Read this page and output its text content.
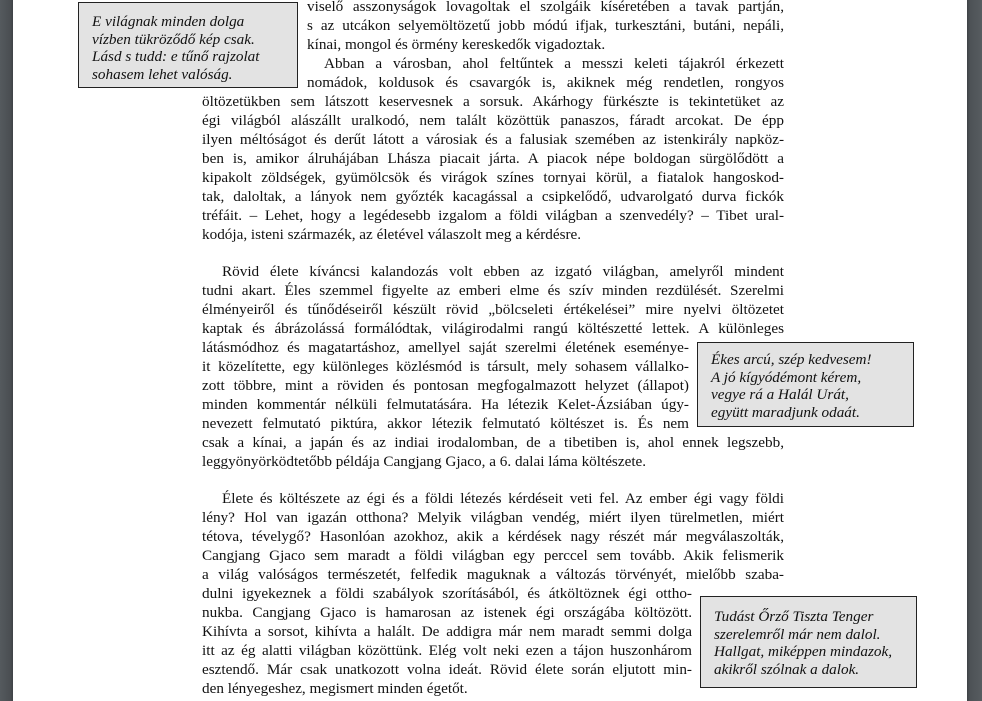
E világnak minden dolga
vízben tükröződő kép csak.
Lásd s tudd: e tűnő rajzolat
sohasem lehet valóság.
viselő asszonyságok lovagoltak el szolgáik kíséretében a tavak partján,
s az utcákon selyemöltözetű jobb módú ifjak, turkesztáni, butáni, nepáli,
kínai, mongol és örmény kereskedők vigadoztak.
Abban a városban, ahol feltűntek a messzi keleti tájakról érkezett
nomádok, koldusok és csavargók is, akiknek még rendetlen, rongyos
öltözetükben sem látszott keservesnek a sorsuk. Akárhogy fürkészte is tekintetüket az
égi világból alászállt uralkodó, nem talált közöttük panaszos, fáradt arcokat. De épp
ilyen méltóságot és derűt látott a városiak és a falusiak szemében az istenkirály napköz-
ben is, amikor álruhájában Lhásza piacait járta. A piacok népe boldogan sürgölődött a
kipakolt zöldségek, gyümölcsök és virágok színes tornyai körül, a fiatalok hangoskod-
tak, daloltak, a lányok nem győzték kacagással a csipkelődő, udvarolgató durva fickók
tréfáit. – Lehet, hogy a legédesebb izgalom a földi világban a szenvedély? – Tibet ural-
kodója, isteni származék, az életével válaszolt meg a kérdésre.
Rövid élete kíváncsi kalandozás volt ebben az izgató világban, amelyről mindent
tudni akart. Éles szemmel figyelte az emberi elme és szív minden rezdülését. Szerelmi
élményeiről és tűnődéseiről készült rövid „bölcseleti értékelései” mire nyelvi öltözetet
kaptak és ábrázolássá formálódtak, világirodalmi rangú költészetté lettek. A különleges
látásmódhoz és magatartáshoz, amellyel saját szerelmi életének eseménye-
it közelítette, egy különleges közlésmód is társult, mely sohasem vállalko-
zott többre, mint a röviden és pontosan megfogalmazott helyzet (állapot)
minden kommentár nélküli felmutatására. Ha létezik Kelet-Ázsiában úgy-
nevezett felmutató piktúra, akkor létezik felmutató költészet is. És nem
csak a kínai, a japán és az indiai irodalomban, de a tibetiben is, ahol ennek legszebb,
leggyönyörködtetőbb példája Cangjang Gjaco, a 6. dalai láma költészete.
Ékes arcú, szép kedvesem!
A jó kígyódémont kérem,
vegye rá a Halál Urát,
együtt maradjunk odaát.
Élete és költészete az égi és a földi létezés kérdéseit veti fel. Az ember égi vagy földi
lény? Hol van igazán otthona? Melyik világban vendég, miért ilyen türelmetlen, miért
tétova, tévelygő? Hasonlóan azokhoz, akik a kérdések nagy részét már megválaszolták,
Cangjang Gjaco sem maradt a földi világban egy perccel sem tovább. Akik felismerik
a világ valóságos természetét, felfedik maguknak a változás törvényét, mielőbb szaba-
dulni igyekeznek a földi szabályok szorításából, és átköltöznek égi ottho-
nukba. Cangjang Gjaco is hamarosan az istenek égi országába költözött.
Kihívta a sorsot, kihívta a halált. De addigra már nem maradt semmi dolga
itt az ég alatti világban közöttünk. Elég volt neki ezen a tájon huszonhárom
esztendő. Már csak unatkozott volna ideát. Rövid élete során eljutott min-
den lényegeshez, megismert minden égetőt.
Tudást Őrző Tiszta Tenger
szerelemről már nem dalol.
Hallgat, miképpen mindazok,
akikről szólnak a dalok.
